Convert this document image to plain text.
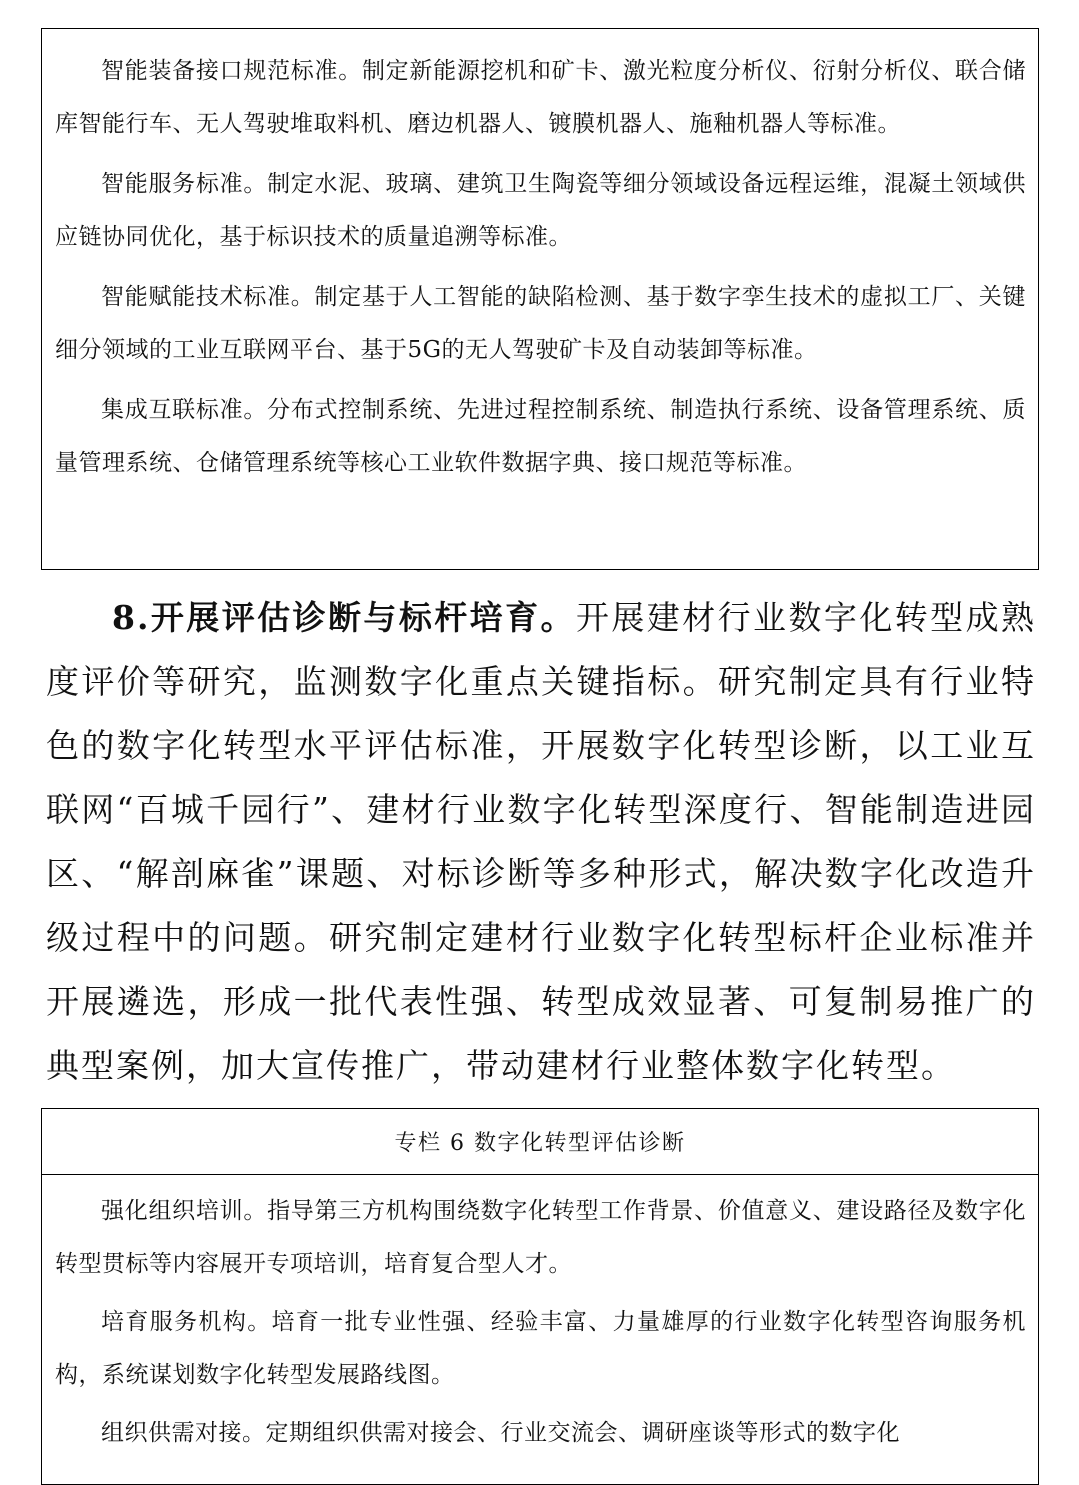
智能装备接口规范标准。制定新能源挖机和矿卡、激光粒度分析仪、衍射分析仪、联合储库智能行车、无人驾驶堆取料机、磨边机器人、镀膜机器人、施釉机器人等标准。

智能服务标准。制定水泥、玻璃、建筑卫生陶瓷等细分领域设备远程运维，混凝土领域供应链协同优化，基于标识技术的质量追溯等标准。

智能赋能技术标准。制定基于人工智能的缺陷检测、基于数字孪生技术的虚拟工厂、关键细分领域的工业互联网平台、基于5G的无人驾驶矿卡及自动装卸等标准。

集成互联标准。分布式控制系统、先进过程控制系统、制造执行系统、设备管理系统、质量管理系统、仓储管理系统等核心工业软件数据字典、接口规范等标准。

8.开展评估诊断与标杆培育。开展建材行业数字化转型成熟度评价等研究，监测数字化重点关键指标。研究制定具有行业特色的数字化转型水平评估标准，开展数字化转型诊断，以工业互联网“百城千园行”、建材行业数字化转型深度行、智能制造进园区、“解剖麻雀”课题、对标诊断等多种形式，解决数字化改造升级过程中的问题。研究制定建材行业数字化转型标杆企业标准并开展遴选，形成一批代表性强、转型成效显著、可复制易推广的典型案例，加大宣传推广，带动建材行业整体数字化转型。
专栏 6 数字化转型评估诊断

强化组织培训。指导第三方机构围绕数字化转型工作背景、价值意义、建设路径及数字化转型贯标等内容展开专项培训，培育复合型人才。

培育服务机构。培育一批专业性强、经验丰富、力量雄厚的行业数字化转型咨询服务机构，系统谋划数字化转型发展路线图。

组织供需对接。定期组织供需对接会、行业交流会、调研座谈等形式的数字化
